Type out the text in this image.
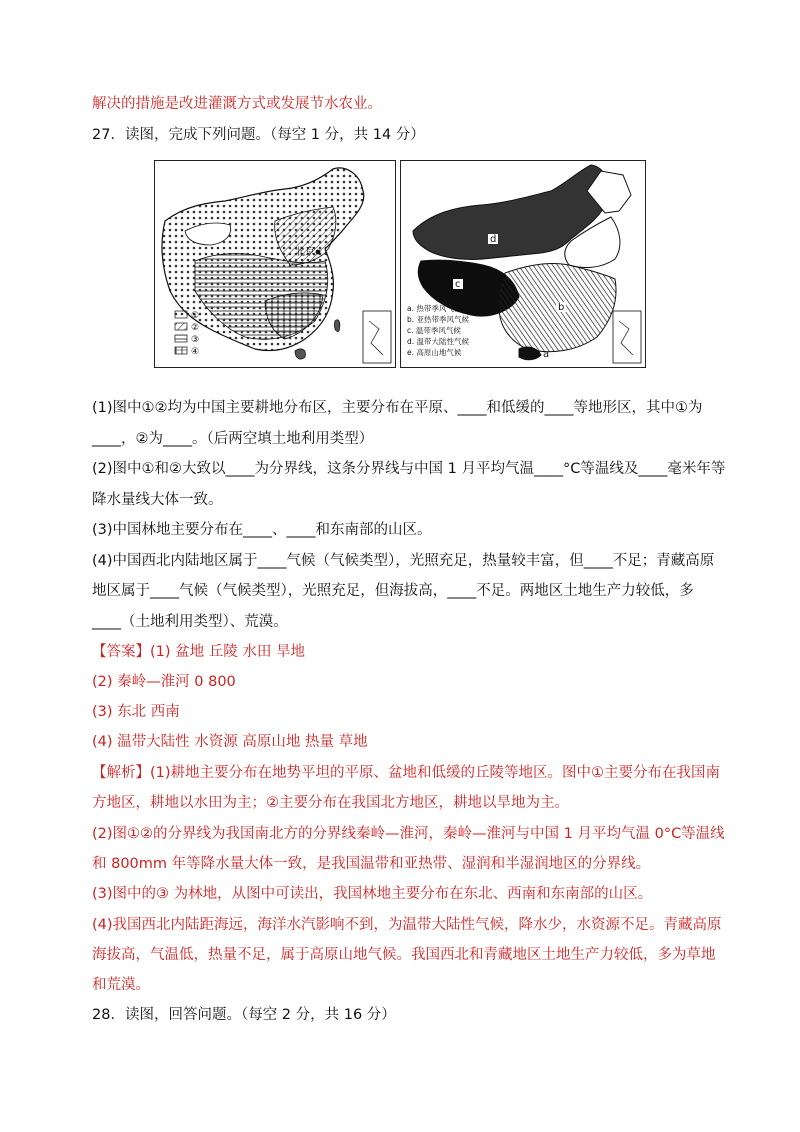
解决的措施是改进灌溉方式或发展节水农业。
27．读图，完成下列问题。（每空 1 分，共 14 分）
北京
①
②
③
④
d
c
b
a
a. 热带季风气候
b. 亚热带季风气候
c. 温带季风气候
d. 温带大陆性气候
e. 高原山地气候
(1)图中①②均为中国主要耕地分布区，主要分布在平原、____和低缓的____等地形区，其中①为
____，②为____。（后两空填土地利用类型）
(2)图中①和②大致以____为分界线，这条分界线与中国 1 月平均气温____°C等温线及____毫米年等
降水量线大体一致。
(3)中国林地主要分布在____、____和东南部的山区。
(4)中国西北内陆地区属于____气候（气候类型），光照充足，热量较丰富，但____不足；青藏高原
地区属于____气候（气候类型），光照充足，但海拔高，____不足。两地区土地生产力较低，多
____（土地利用类型）、荒漠。
【答案】(1) 盆地 丘陵 水田 旱地
(2) 秦岭—淮河 0 800
(3) 东北 西南
(4) 温带大陆性 水资源 高原山地 热量 草地
【解析】(1)耕地主要分布在地势平坦的平原、盆地和低缓的丘陵等地区。图中①主要分布在我国南
方地区，耕地以水田为主；②主要分布在我国北方地区，耕地以旱地为主。
(2)图①②的分界线为我国南北方的分界线秦岭—淮河，秦岭—淮河与中国 1 月平均气温 0°C等温线
和 800mm 年等降水量大体一致，是我国温带和亚热带、湿润和半湿润地区的分界线。
(3)图中的③ 为林地，从图中可读出，我国林地主要分布在东北、西南和东南部的山区。
(4)我国西北内陆距海远，海洋水汽影响不到，为温带大陆性气候，降水少，水资源不足。青藏高原
海拔高，气温低，热量不足，属于高原山地气候。我国西北和青藏地区土地生产力较低，多为草地
和荒漠。
28．读图，回答问题。（每空 2 分，共 16 分）
